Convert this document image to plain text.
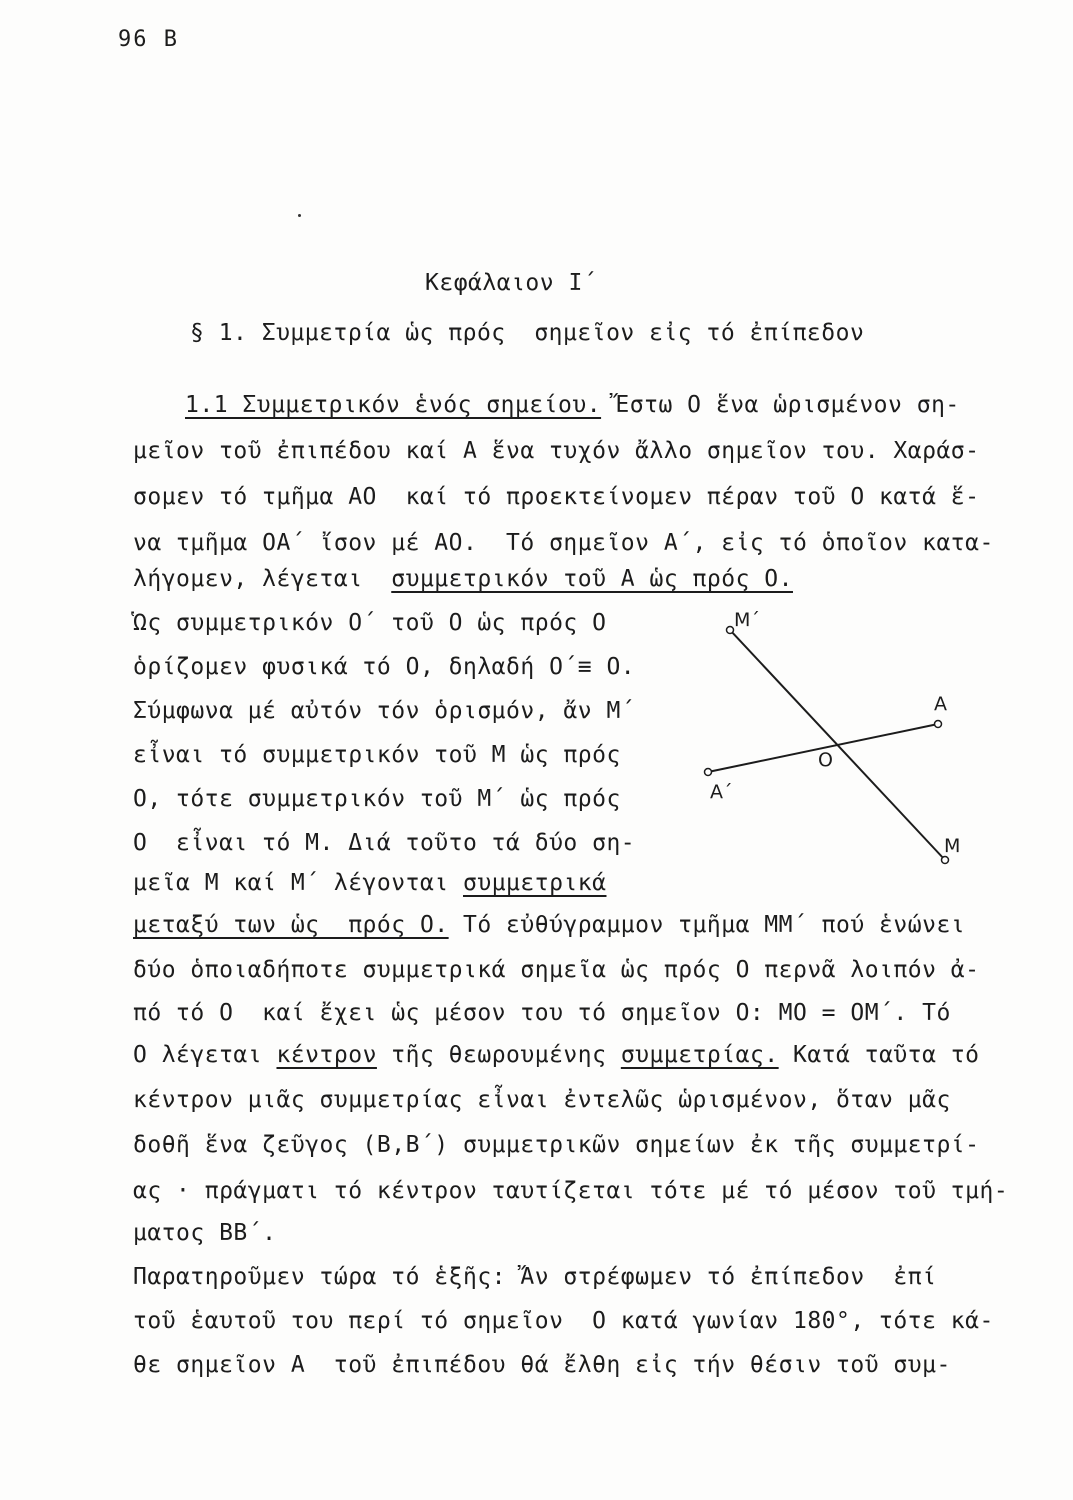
96 B
Κεφάλαιον Ι΄
§ 1. Συμμετρία ὡς πρός  σημεῖον εἰς τό ἐπίπεδον
1.1 Συμμετρικόν ἑνός σημείου. Ἔστω Ο ἕνα ὡρισμένον ση-
μεῖον τοῦ ἐπιπέδου καί Α ἕνα τυχόν ἄλλο σημεῖον του. Χαράσ-
σομεν τό τμῆμα ΑΟ  καί τό προεκτείνομεν πέραν τοῦ Ο κατά ἕ-
να τμῆμα ΟΑ΄ ἴσον μέ ΑΟ.  Τό σημεῖον Α΄, εἰς τό ὁποῖον κατα-
λήγομεν, λέγεται  συμμετρικόν τοῦ Α ὡς πρός Ο.
Ὡς συμμετρικόν Ο΄ τοῦ Ο ὡς πρός Ο
ὁρίζομεν φυσικά τό Ο, δηλαδή Ο΄≡ Ο.
Σύμφωνα μέ αὐτόν τόν ὁρισμόν, ἄν Μ΄
εἶναι τό συμμετρικόν τοῦ Μ ὡς πρός
Ο, τότε συμμετρικόν τοῦ Μ΄ ὡς πρός
Ο  εἶναι τό Μ. Διά τοῦτο τά δύο ση-
μεῖα Μ καί Μ΄ λέγονται συμμετρικά
μεταξύ των ὡς  πρός Ο. Τό εὐθύγραμμον τμῆμα ΜΜ΄ πού ἑνώνει
δύο ὁποιαδήποτε συμμετρικά σημεῖα ὡς πρός Ο περνᾶ λοιπόν ἀ-
πό τό Ο  καί ἔχει ὡς μέσον του τό σημεῖον Ο: ΜΟ = ΟΜ΄. Τό
Ο λέγεται κέντρον τῆς θεωρουμένης συμμετρίας. Κατά ταῦτα τό
κέντρον μιᾶς συμμετρίας εἶναι ἐντελῶς ὡρισμένον, ὅταν μᾶς
δοθῆ ἕνα ζεῦγος (Β,Β΄) συμμετρικῶν σημείων ἐκ τῆς συμμετρί-
ας · πράγματι τό κέντρον ταυτίζεται τότε μέ τό μέσον τοῦ τμή-
ματος ΒΒ΄.
Παρατηροῦμεν τώρα τό ἑξῆς: Ἄν στρέφωμεν τό ἐπίπεδον  ἐπί
τοῦ ἑαυτοῦ του περί τό σημεῖον  Ο κατά γωνίαν 180°, τότε κά-
θε σημεῖον Α  τοῦ ἐπιπέδου θά ἔλθη εἰς τήν θέσιν τοῦ συμ-
Μ΄
Α
Ο
Α΄
Μ
